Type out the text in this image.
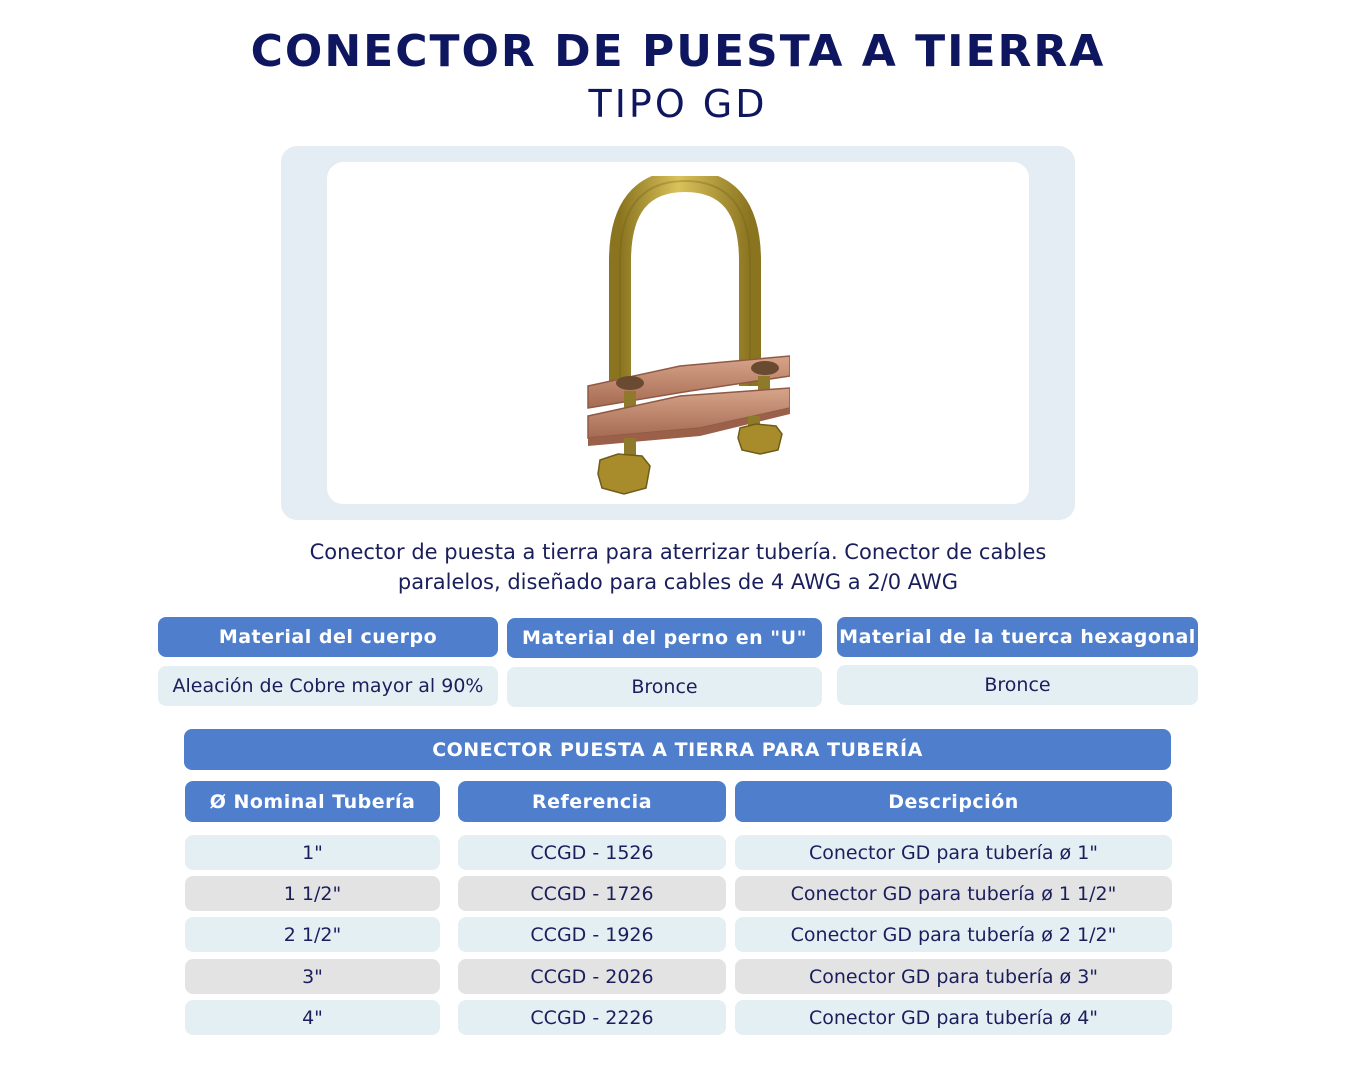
CONECTOR DE PUESTA A TIERRA
TIPO GD
Conector de puesta a tierra para aterrizar tubería. Conector de cables
paralelos, diseñado para cables de 4 AWG a 2/0 AWG
Material del cuerpo	Material del perno en "U"	Material de la tuerca hexagonal
Aleación de Cobre mayor al 90%	Bronce	Bronce
CONECTOR PUESTA A TIERRA PARA TUBERÍA
Ø Nominal Tubería	Referencia	Descripción
1"	CCGD - 1526	Conector GD para tubería ø 1"
1 1/2"	CCGD - 1726	Conector GD para tubería ø 1 1/2"
2 1/2"	CCGD - 1926	Conector GD para tubería ø 2 1/2"
3"	CCGD - 2026	Conector GD para tubería ø 3"
4"	CCGD - 2226	Conector GD para tubería ø 4"
